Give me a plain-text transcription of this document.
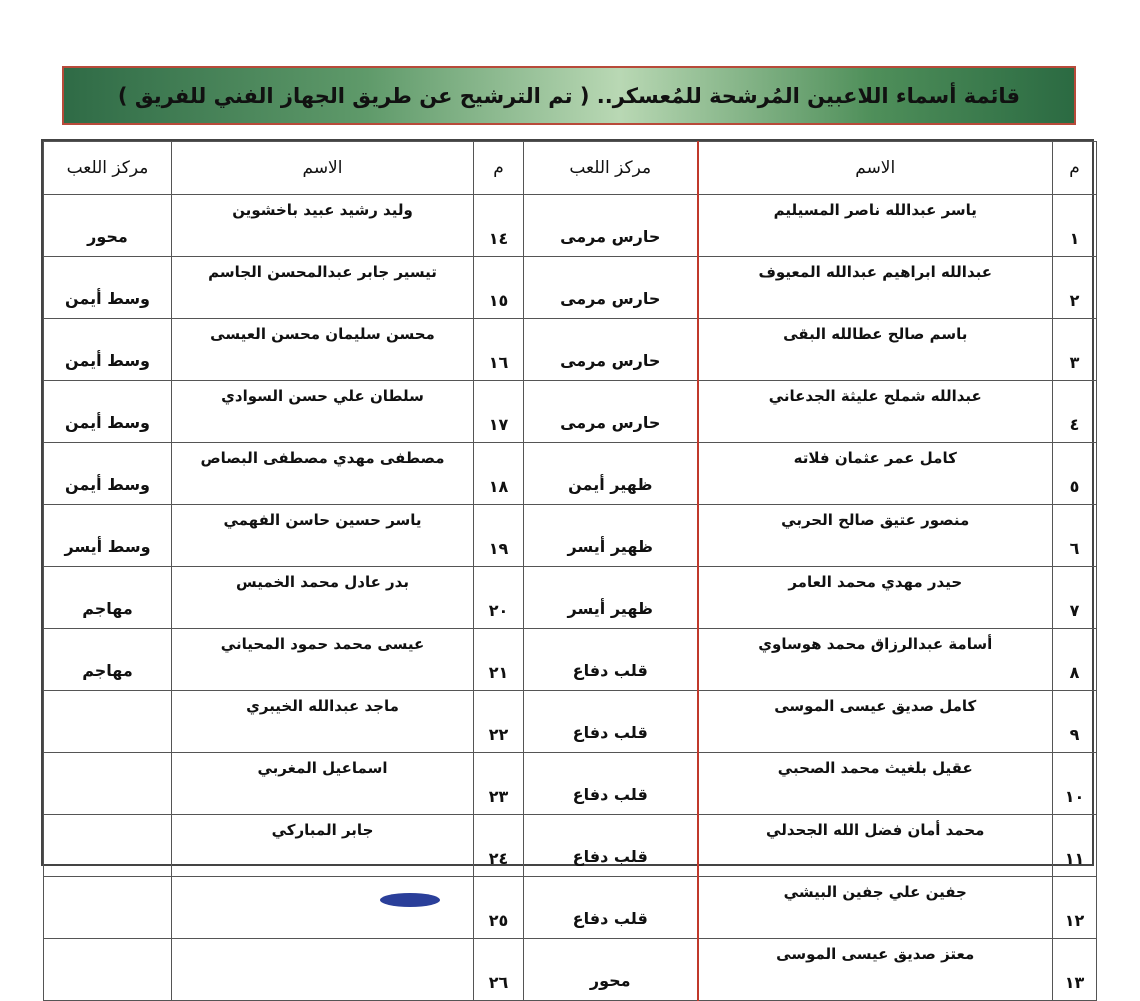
قائمة أسماء اللاعبين المُرشحة للمُعسكر.. ( تم الترشيح عن طريق الجهاز الفني للفريق )
م	الاسم	مركز اللعب	م	الاسم	مركز اللعب
١	ياسر عبدالله ناصر المسيليم	حارس مرمى	١٤	وليد رشيد عبيد باخشوين	محور
٢	عبدالله ابراهيم عبدالله المعيوف	حارس مرمى	١٥	تيسير جابر عبدالمحسن الجاسم	وسط أيمن
٣	باسم صالح عطالله البقى	حارس مرمى	١٦	محسن سليمان محسن العيسى	وسط أيمن
٤	عبدالله شملح عليثة الجدعاني	حارس مرمى	١٧	سلطان علي حسن السوادي	وسط أيمن
٥	كامل عمر عثمان فلاته	ظهير أيمن	١٨	مصطفى مهدي مصطفى البصاص	وسط أيمن
٦	منصور عتيق صالح الحربي	ظهير أيسر	١٩	ياسر حسين حاسن الفهمي	وسط أيسر
٧	حيدر مهدي محمد العامر	ظهير أيسر	٢٠	بدر عادل محمد الخميس	مهاجم
٨	أسامة عبدالرزاق محمد هوساوي	قلب دفاع	٢١	عيسى محمد حمود المحياني	مهاجم
٩	كامل صديق عيسى الموسى	قلب دفاع	٢٢	ماجد عبدالله الخيبري	
١٠	عقيل بلغيث محمد الصحبي	قلب دفاع	٢٣	اسماعيل المغربي	
١١	محمد أمان فضل الله الجحدلي	قلب دفاع	٢٤	جابر المباركي	
١٢	جفين علي جفين البيشي	قلب دفاع	٢٥		
١٣	معتز صديق عيسى الموسى	محور	٢٦		
